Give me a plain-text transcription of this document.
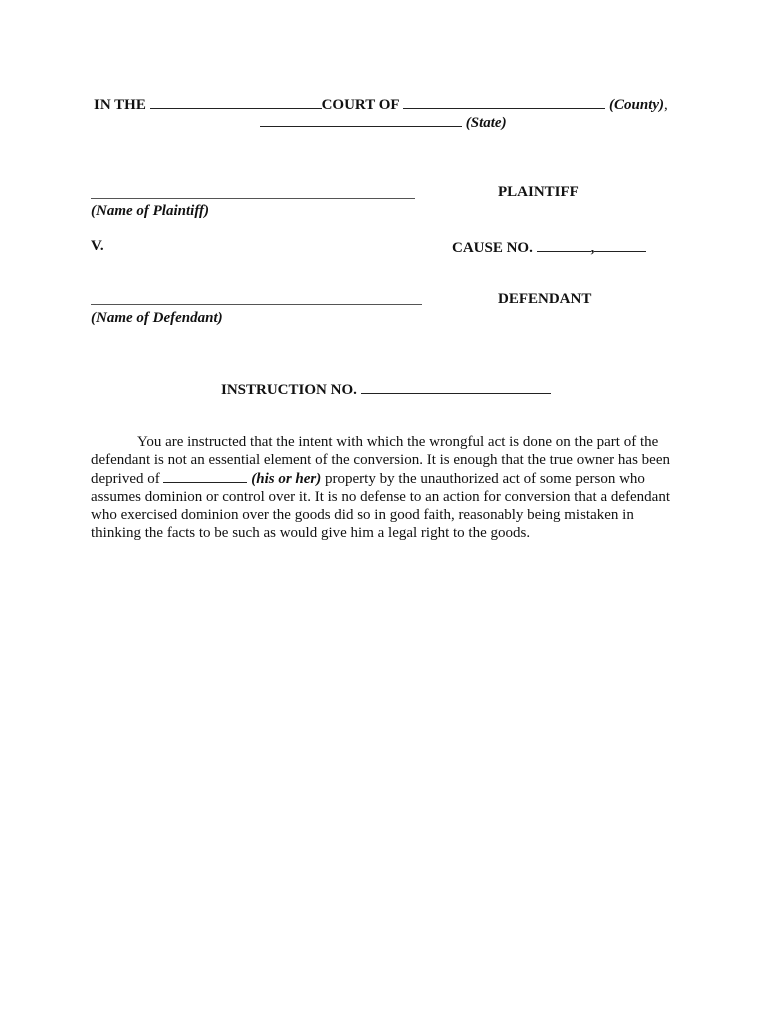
IN THE	COURT OF	(County),
(State)
(Name of Plaintiff)
PLAINTIFF
V.	CAUSE NO.	,
(Name of Defendant)
DEFENDANT
INSTRUCTION NO.
You are instructed that the intent with which the wrongful act is done on the part of the
defendant is not an essential element of the conversion. It is enough that the true owner has been
deprived of	(his or her) property by the unauthorized act of some person who
assumes dominion or control over it. It is no defense to an action for conversion that a defendant
who exercised dominion over the goods did so in good faith, reasonably being mistaken in
thinking the facts to be such as would give him a legal right to the goods.
